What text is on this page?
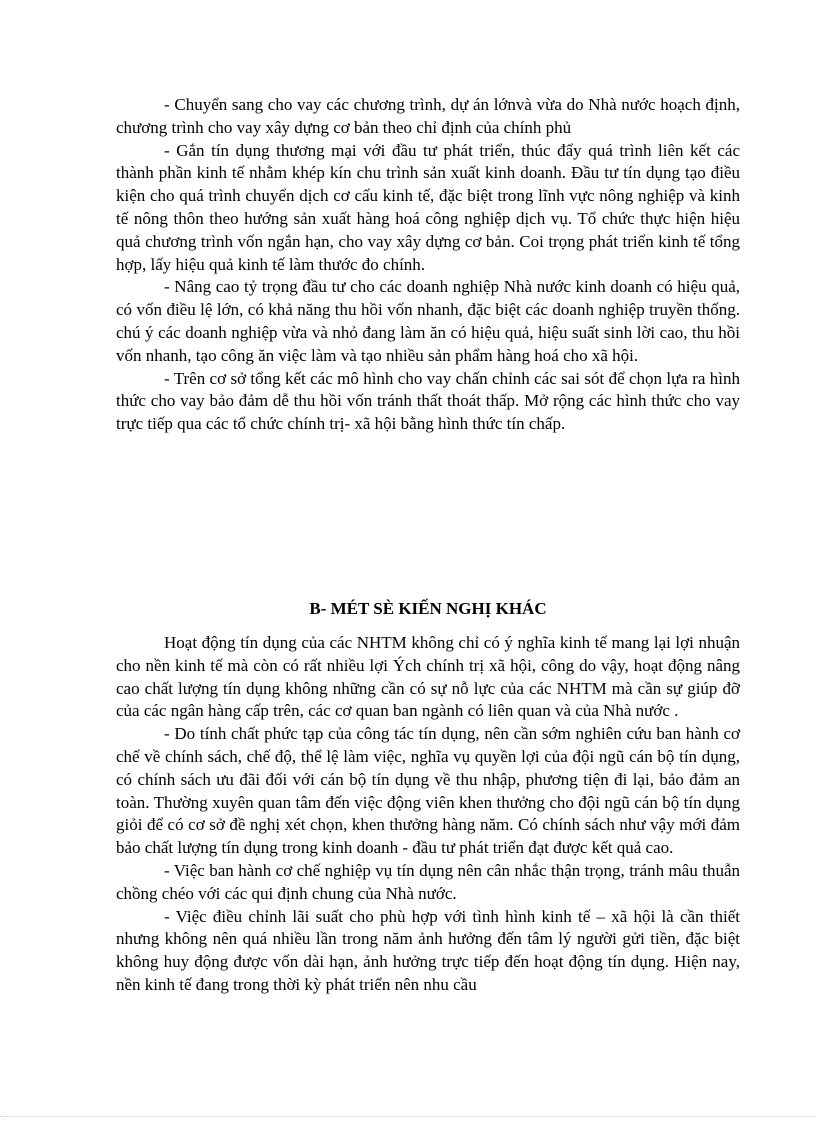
- Chuyển sang cho vay các chương trình, dự án lớnvà vừa do Nhà nước hoạch định, chương trình cho vay xây dựng cơ bản theo chỉ định của chính phủ

- Gắn tín dụng thương mại với đầu tư phát triển, thúc đẩy quá trình liên kết các thành phần kinh tế nhằm khép kín chu trình sản xuất kinh doanh. Đầu tư tín dụng tạo điều kiện cho quá trình chuyển dịch cơ cấu kinh tế, đặc biệt trong lĩnh vực nông nghiệp và kinh tế nông thôn theo hướng sản xuất hàng hoá công nghiệp dịch vụ. Tổ chức thực hiện hiệu quả chương trình vốn ngắn hạn, cho vay xây dựng cơ bản. Coi trọng phát triển kinh tế tổng hợp, lấy hiệu quả kinh tế làm thước đo chính.

- Nâng cao tỷ trọng đầu tư cho các doanh nghiệp Nhà nước kinh doanh có hiệu quả, có vốn điều lệ lớn, có khả năng thu hồi vốn nhanh, đặc biệt các doanh nghiệp truyền thống. chú ý các doanh nghiệp vừa và nhỏ đang làm ăn có hiệu quả, hiệu suất sinh lời cao, thu hồi vốn nhanh, tạo công ăn việc làm và tạo nhiều sản phẩm hàng hoá cho xã hội.

- Trên cơ sở tổng kết các mô hình cho vay chấn chỉnh các sai sót để chọn lựa ra hình thức cho vay bảo đảm dễ thu hồi vốn tránh thất thoát thấp. Mở rộng các hình thức cho vay trực tiếp qua các tổ chức chính trị- xã hội bằng hình thức tín chấp.

B- MÉT SÈ KIẾN NGHỊ KHÁC

Hoạt động tín dụng của các NHTM không chỉ có ý nghĩa kinh tế mang lại lợi nhuận cho nền kinh tế mà còn có rất nhiều lợi Ých chính trị xã hội, công do vậy, hoạt động nâng cao chất lượng tín dụng không những cần có sự nỗ lực của các NHTM mà cần sự giúp đỡ của các ngân hàng cấp trên, các cơ quan ban ngành có liên quan và của Nhà nước .

- Do tính chất phức tạp của công tác tín dụng, nên cần sớm nghiên cứu ban hành cơ chế về chính sách, chế độ, thể lệ làm việc, nghĩa vụ quyền lợi của đội ngũ cán bộ tín dụng, có chính sách ưu đãi đối với cán bộ tín dụng về thu nhập, phương tiện đi lại, bảo đảm an toàn. Thường xuyên quan tâm đến việc động viên khen thưởng cho đội ngũ cán bộ tín dụng giỏi để có cơ sở đề nghị xét chọn, khen thưởng hàng năm. Có chính sách như vậy mới đảm bảo chất lượng tín dụng trong kinh doanh - đầu tư phát triển đạt được kết quả cao.

- Việc ban hành cơ chế nghiệp vụ tín dụng nên cân nhắc thận trọng, tránh mâu thuẫn chồng chéo với các qui định chung của Nhà nước.

- Việc điều chỉnh lãi suất cho phù hợp với tình hình kinh tế – xã hội là cần thiết nhưng không nên quá nhiều lần trong năm ảnh hưởng đến tâm lý người gửi tiền, đặc biệt không huy động được vốn dài hạn, ảnh hưởng trực tiếp đến hoạt động tín dụng. Hiện nay, nền kinh tế đang trong thời kỳ phát triển nên nhu cầu
